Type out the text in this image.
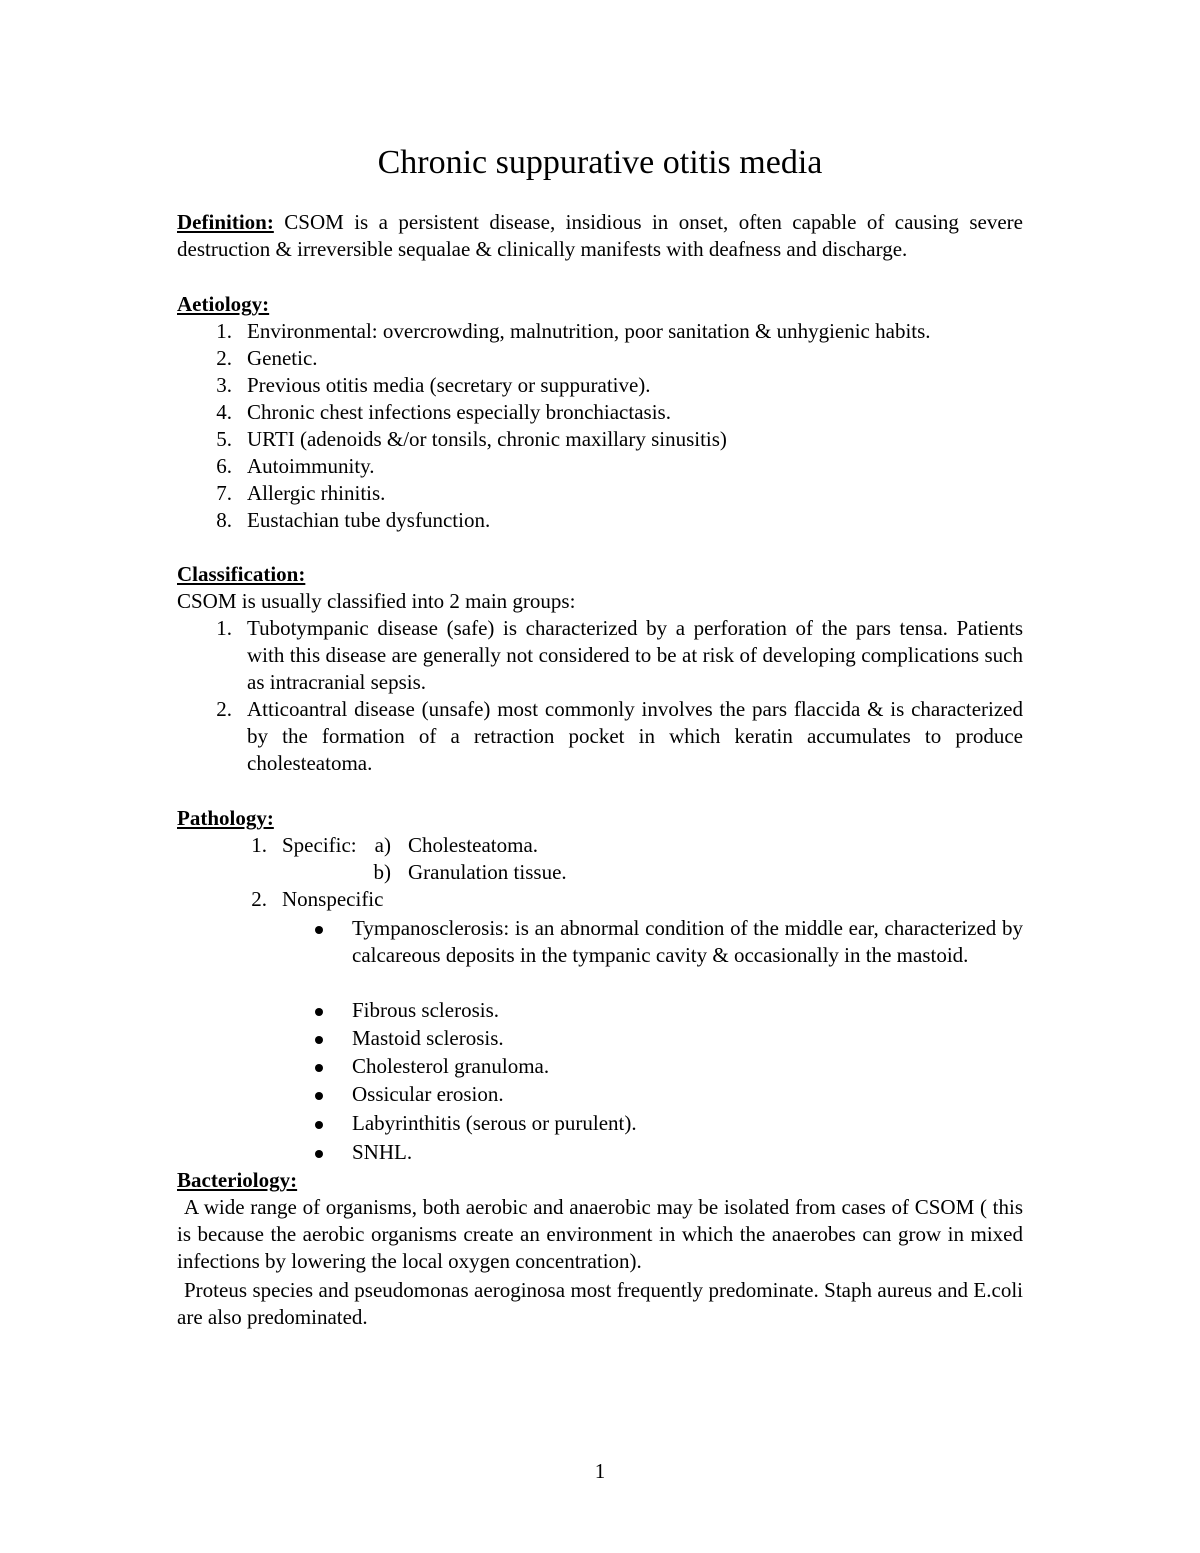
Chronic suppurative otitis media

Definition: CSOM is a persistent disease, insidious in onset, often capable of causing severe destruction & irreversible sequalae & clinically manifests with deafness and discharge.

Aetiology:
1. Environmental: overcrowding, malnutrition, poor sanitation & unhygienic habits.
2. Genetic.
3. Previous otitis media (secretary or suppurative).
4. Chronic chest infections especially bronchiactasis.
5. URTI (adenoids &/or tonsils, chronic maxillary sinusitis)
6. Autoimmunity.
7. Allergic rhinitis.
8. Eustachian tube dysfunction.
Classification:
CSOM is usually classified into 2 main groups:
1. Tubotympanic disease (safe) is characterized by a perforation of the pars tensa. Patients with this disease are generally not considered to be at risk of developing complications such as intracranial sepsis.

2. Atticoantral disease (unsafe) most commonly involves the pars flaccida & is characterized by the formation of a retraction pocket in which keratin accumulates to produce cholesteatoma.

Pathology:
1. Specific: a) Cholesteatoma.
b) Granulation tissue.
2. Nonspecific

Tympanosclerosis: is an abnormal condition of the middle ear, characterized by calcareous deposits in the tympanic cavity & occasionally in the mastoid.

Fibrous sclerosis.
Mastoid sclerosis.
Cholesterol granuloma.
Ossicular erosion.
Labyrinthitis (serous or purulent).
SNHL.
Bacteriology:

A wide range of organisms, both aerobic and anaerobic may be isolated from cases of CSOM ( this is because the aerobic organisms create an environment in which the anaerobes can grow in mixed infections by lowering the local oxygen concentration).

Proteus species and pseudomonas aeroginosa most frequently predominate. Staph aureus and E.coli are also predominated.

1
